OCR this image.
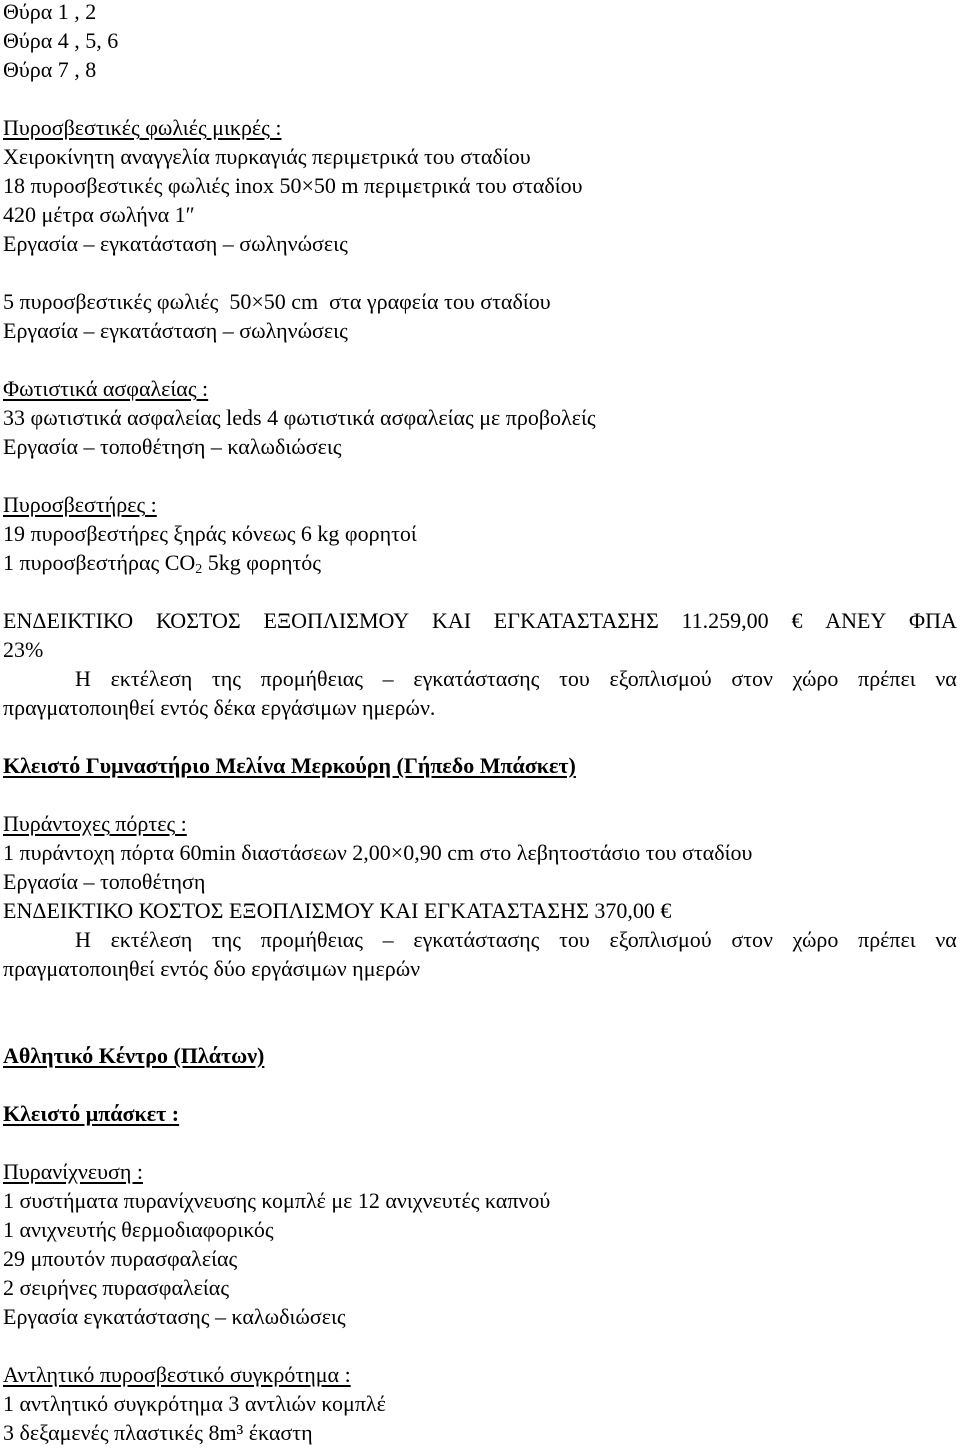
Θύρα 1 , 2
Θύρα 4 , 5, 6
Θύρα 7 , 8
Πυροσβεστικές φωλιές μικρές :
Χειροκίνητη αναγγελία πυρκαγιάς περιμετρικά του σταδίου
18 πυροσβεστικές φωλιές inox 50×50 m περιμετρικά του σταδίου
420 μέτρα σωλήνα 1″
Εργασία – εγκατάσταση – σωληνώσεις
5 πυροσβεστικές φωλιές  50×50 cm  στα γραφεία του σταδίου
Εργασία – εγκατάσταση – σωληνώσεις
Φωτιστικά ασφαλείας :
33 φωτιστικά ασφαλείας leds 4 φωτιστικά ασφαλείας με προβολείς
Εργασία – τοποθέτηση – καλωδιώσεις
Πυροσβεστήρες :
19 πυροσβεστήρες ξηράς κόνεως 6 kg φορητοί
1 πυροσβεστήρας $CO_2$ 5kg φορητός
ΕΝΔΕΙΚΤΙΚΟ ΚΟΣΤΟΣ ΕΞΟΠΛΙΣΜΟΥ ΚΑΙ ΕΓΚΑΤΑΣΤΑΣΗΣ 11.259,00 € ΑΝΕΥ ΦΠΑ
23%
Η εκτέλεση της προμήθειας – εγκατάστασης του εξοπλισμού στον χώρο πρέπει να
πραγματοποιηθεί εντός δέκα εργάσιμων ημερών.
Κλειστό Γυμναστήριο Μελίνα Μερκούρη (Γήπεδο Μπάσκετ)
Πυράντοχες πόρτες :
1 πυράντοχη πόρτα 60min διαστάσεων 2,00×0,90 cm στο λεβητοστάσιο του σταδίου
Εργασία – τοποθέτηση
ΕΝΔΕΙΚΤΙΚΟ ΚΟΣΤΟΣ ΕΞΟΠΛΙΣΜΟΥ ΚΑΙ ΕΓΚΑΤΑΣΤΑΣΗΣ 370,00 €
Η εκτέλεση της προμήθειας – εγκατάστασης του εξοπλισμού στον χώρο πρέπει να
πραγματοποιηθεί εντός δύο εργάσιμων ημερών
Αθλητικό Κέντρο (Πλάτων)
Κλειστό μπάσκετ :
Πυρανίχνευση :
1 συστήματα πυρανίχνευσης κομπλέ με 12 ανιχνευτές καπνού
1 ανιχνευτής θερμοδιαφορικός
29 μπουτόν πυρασφαλείας
2 σειρήνες πυρασφαλείας
Εργασία εγκατάστασης – καλωδιώσεις
Αντλητικό πυροσβεστικό συγκρότημα :
1 αντλητικό συγκρότημα 3 αντλιών κομπλέ
3 δεξαμενές πλαστικές 8m³ έκαστη
